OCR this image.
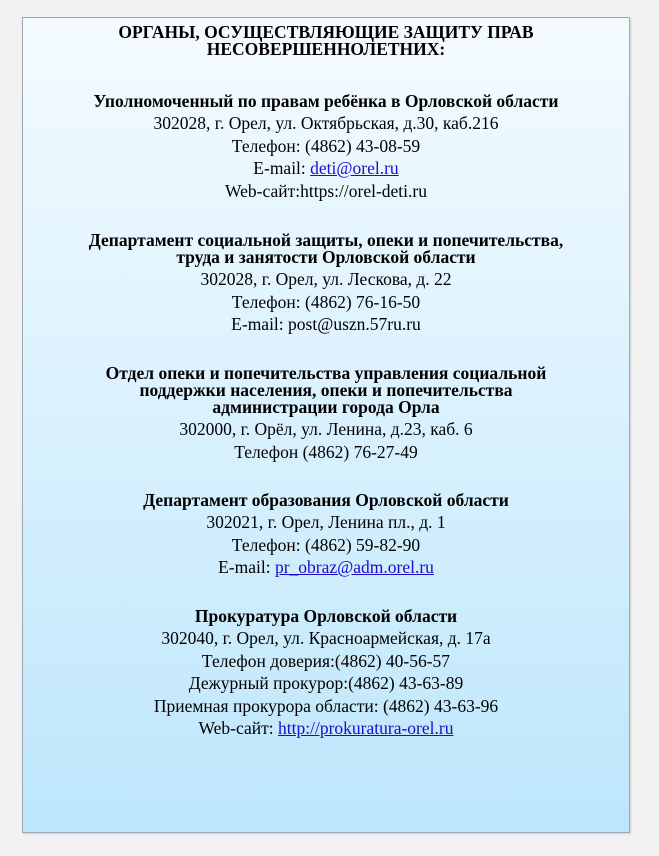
ОРГАНЫ, ОСУЩЕСТВЛЯЮЩИЕ ЗАЩИТУ ПРАВ
НЕСОВЕРШЕННОЛЕТНИХ:
Уполномоченный по правам ребёнка в Орловской области
302028, г. Орел, ул. Октябрьская, д.30, каб.216
Телефон: (4862) 43-08-59
E-mail: deti@orel.ru
Web-сайт:https://orel-deti.ru
Департамент социальной защиты, опеки и попечительства,
труда и занятости Орловской области
302028, г. Орел, ул. Лескова, д. 22
Телефон: (4862) 76-16-50
E-mail: post@uszn.57ru.ru
Отдел опеки и попечительства управления социальной
поддержки населения, опеки и попечительства
администрации города Орла
302000, г. Орёл, ул. Ленина, д.23, каб. 6
Телефон (4862) 76-27-49
Департамент образования Орловской области
302021, г. Орел, Ленина пл., д. 1
Телефон: (4862) 59-82-90
E-mail: pr_obraz@adm.orel.ru
Прокуратура Орловской области
302040, г. Орел, ул. Красноармейская, д. 17а
Телефон доверия:(4862) 40-56-57
Дежурный прокурор:(4862) 43-63-89
Приемная прокурора области: (4862) 43-63-96
Web-сайт: http://prokuratura-orel.ru
